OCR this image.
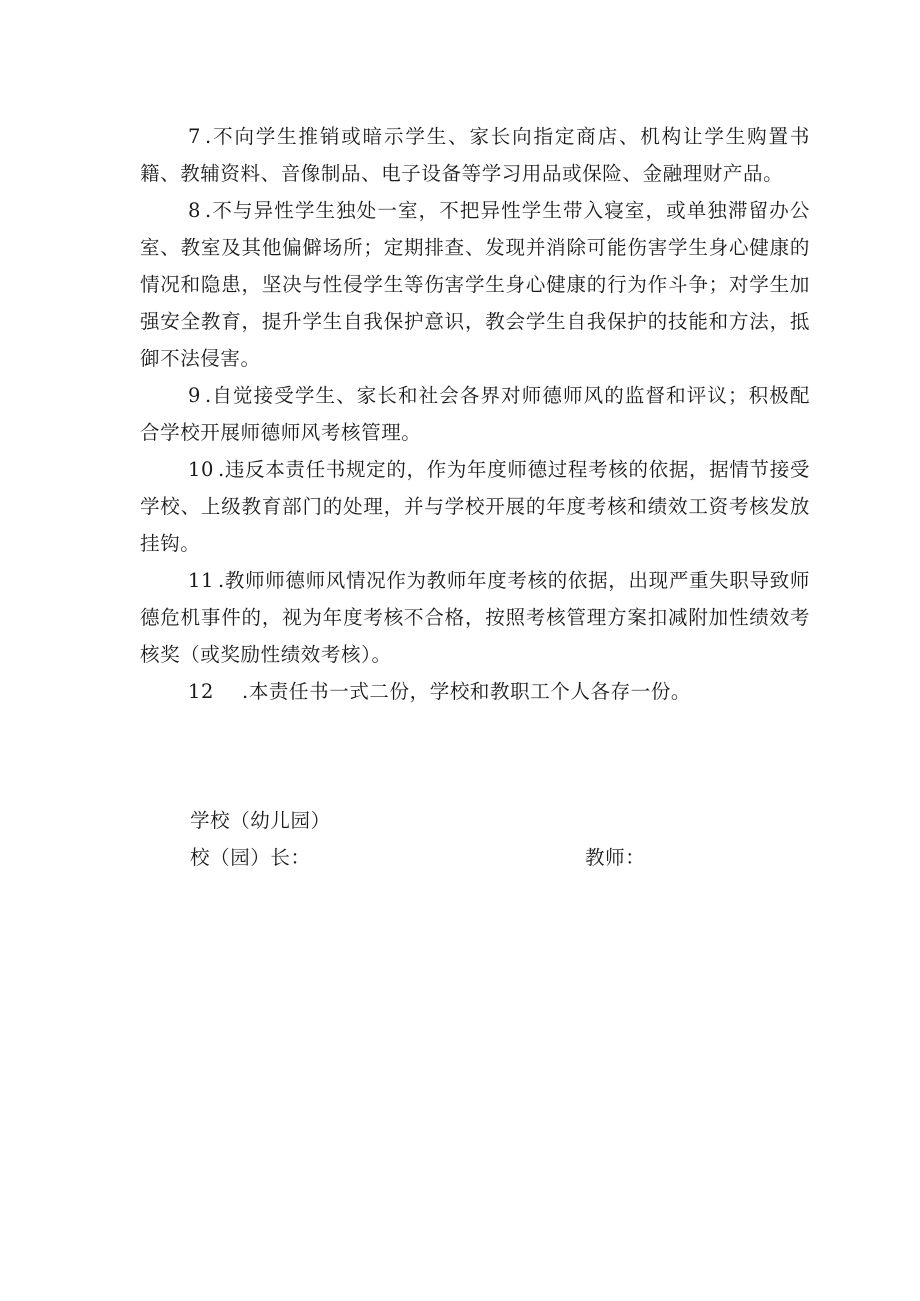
7 .不向学生推销或暗示学生、家长向指定商店、机构让学生购置书籍、教辅资料、音像制品、电子设备等学习用品或保险、金融理财产品。

8 .不与异性学生独处一室，不把异性学生带入寝室，或单独滞留办公室、教室及其他偏僻场所；定期排查、发现并消除可能伤害学生身心健康的情况和隐患，坚决与性侵学生等伤害学生身心健康的行为作斗争；对学生加强安全教育，提升学生自我保护意识，教会学生自我保护的技能和方法，抵御不法侵害。

9 .自觉接受学生、家长和社会各界对师德师风的监督和评议；积极配合学校开展师德师风考核管理。

10 .违反本责任书规定的，作为年度师德过程考核的依据，据情节接受学校、上级教育部门的处理，并与学校开展的年度考核和绩效工资考核发放挂钩。

11 .教师师德师风情况作为教师年度考核的依据，出现严重失职导致师德危机事件的，视为年度考核不合格，按照考核管理方案扣减附加性绩效考核奖（或奖励性绩效考核）。

12 .本责任书一式二份，学校和教职工个人各存一份。

学校（幼儿园）
校（园）长：	教师：
